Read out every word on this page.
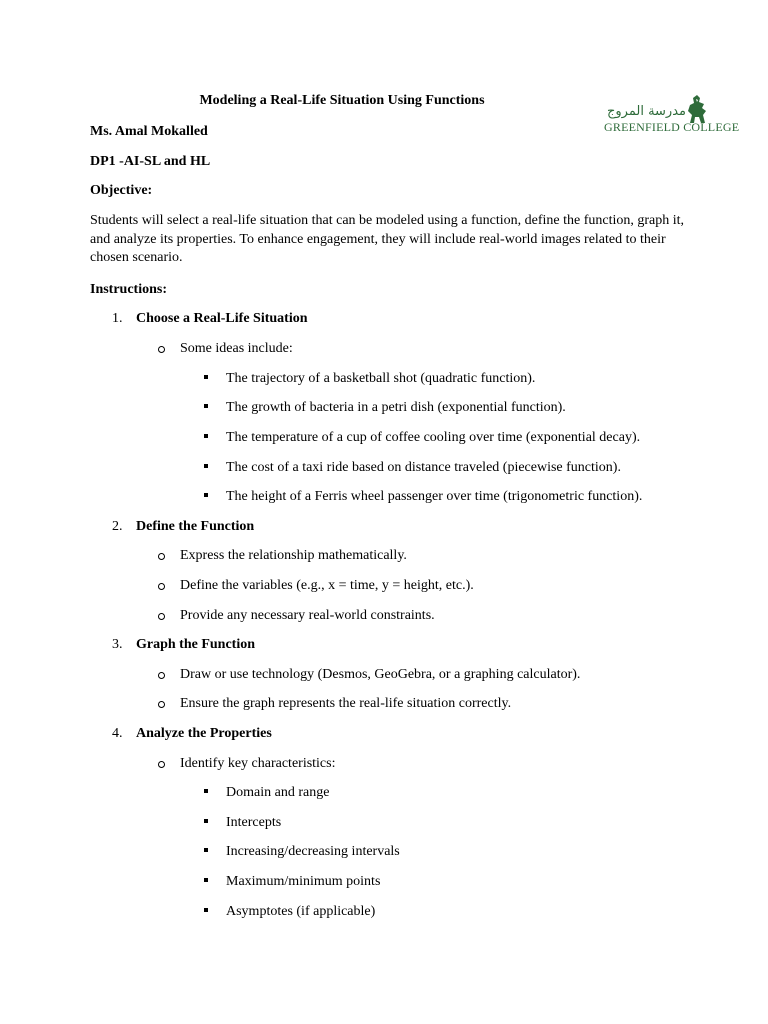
Modeling a Real-Life Situation Using Functions
مدرسة المروج
GREENFIELD COLLEGE

Ms. Amal Mokalled

DP1 -AI-SL and HL

Objective:

Students will select a real-life situation that can be modeled using a function, define the function, graph it, and analyze its properties. To enhance engagement, they will include real-world images related to their chosen scenario.

Instructions:

1. Choose a Real-Life Situation
Some ideas include:
The trajectory of a basketball shot (quadratic function).
The growth of bacteria in a petri dish (exponential function).
The temperature of a cup of coffee cooling over time (exponential decay).
The cost of a taxi ride based on distance traveled (piecewise function).
The height of a Ferris wheel passenger over time (trigonometric function).
2. Define the Function
Express the relationship mathematically.
Define the variables (e.g., x = time, y = height, etc.).
Provide any necessary real-world constraints.
3. Graph the Function
Draw or use technology (Desmos, GeoGebra, or a graphing calculator).
Ensure the graph represents the real-life situation correctly.
4. Analyze the Properties
Identify key characteristics:
Domain and range
Intercepts
Increasing/decreasing intervals
Maximum/minimum points
Asymptotes (if applicable)
